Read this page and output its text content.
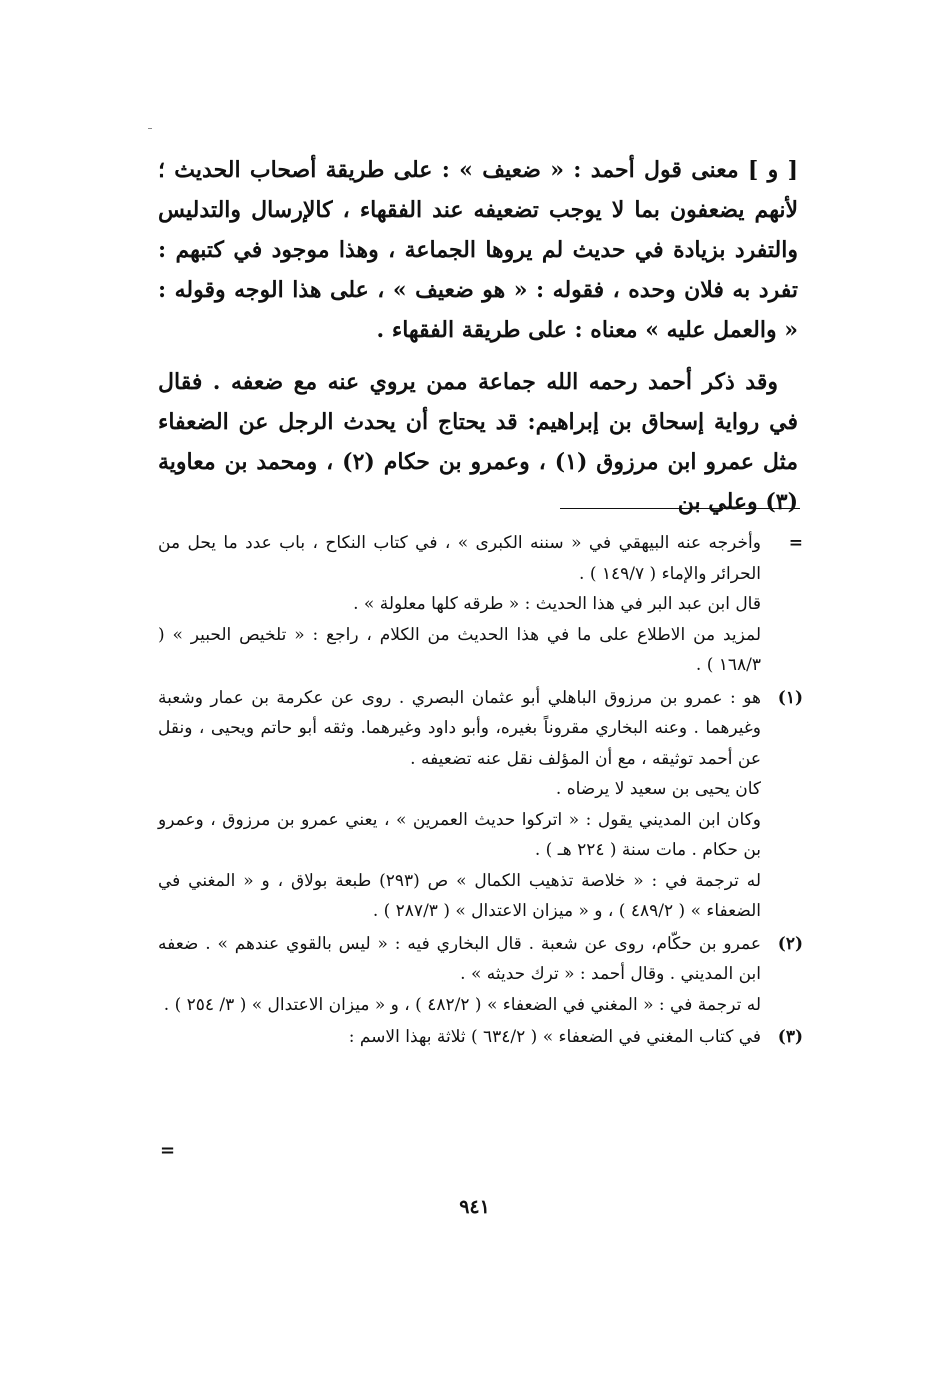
[ و ] معنى قول أحمد : « ضعيف » : على طريقة أصحاب الحديث ؛ لأنهم يضعفون بما لا يوجب تضعيفه عند الفقهاء ، كالإرسال والتدليس والتفرد بزيادة في حديث لم يروها الجماعة ، وهذا موجود في كتبهم : تفرد به فلان وحده ، فقوله : « هو ضعيف » ، على هذا الوجه وقوله : « والعمل عليه » معناه : على طريقة الفقهاء .

وقد ذكر أحمد رحمه الله جماعة ممن يروي عنه مع ضعفه . فقال في رواية إسحاق بن إبراهيم: قد يحتاج أن يحدث الرجل عن الضعفاء مثل عمرو ابن مرزوق (١) ، وعمرو بن حكام (٢) ، ومحمد بن معاوية (٣) وعلي بن

=

وأخرجه عنه البيهقي في « سننه الكبرى » ، في كتاب النكاح ، باب عدد ما يحل من الحرائر والإماء ( ١٤٩/٧ ) .

قال ابن عبد البر في هذا الحديث : « طرقه كلها معلولة » .

لمزيد من الاطلاع على ما في هذا الحديث من الكلام ، راجع : « تلخيص الحبير » ( ١٦٨/٣ ) .

(١)

هو : عمرو بن مرزوق الباهلي أبو عثمان البصري . روى عن عكرمة بن عمار وشعبة وغيرهما . وعنه البخاري مقروناً بغيره، وأبو داود وغيرهما. وثقه أبو حاتم ويحيى ، ونقل عن أحمد توثيقه ، مع أن المؤلف نقل عنه تضعيفه .

كان يحيى بن سعيد لا يرضاه .

وكان ابن المديني يقول : « اتركوا حديث العمرين » ، يعني عمرو بن مرزوق ، وعمرو بن حكام . مات سنة ( ٢٢٤ هـ ) .

له ترجمة في : « خلاصة تذهيب الكمال » ص (٢٩٣) طبعة بولاق ، و « المغني في الضعفاء » ( ٤٨٩/٢ ) ، و « ميزان الاعتدال » ( ٢٨٧/٣ ) .

(٢)

عمرو بن حكّام، روى عن شعبة . قال البخاري فيه : « ليس بالقوي عندهم » . ضعفه ابن المديني . وقال أحمد : « ترك حديثه » .

له ترجمة في : « المغني في الضعفاء » ( ٤٨٢/٢ ) ، و « ميزان الاعتدال » ( ٣/ ٢٥٤ ) .

(٣)

في كتاب المغني في الضعفاء » ( ٦٣٤/٢ ) ثلاثة بهذا الاسم :

=
٩٤١
